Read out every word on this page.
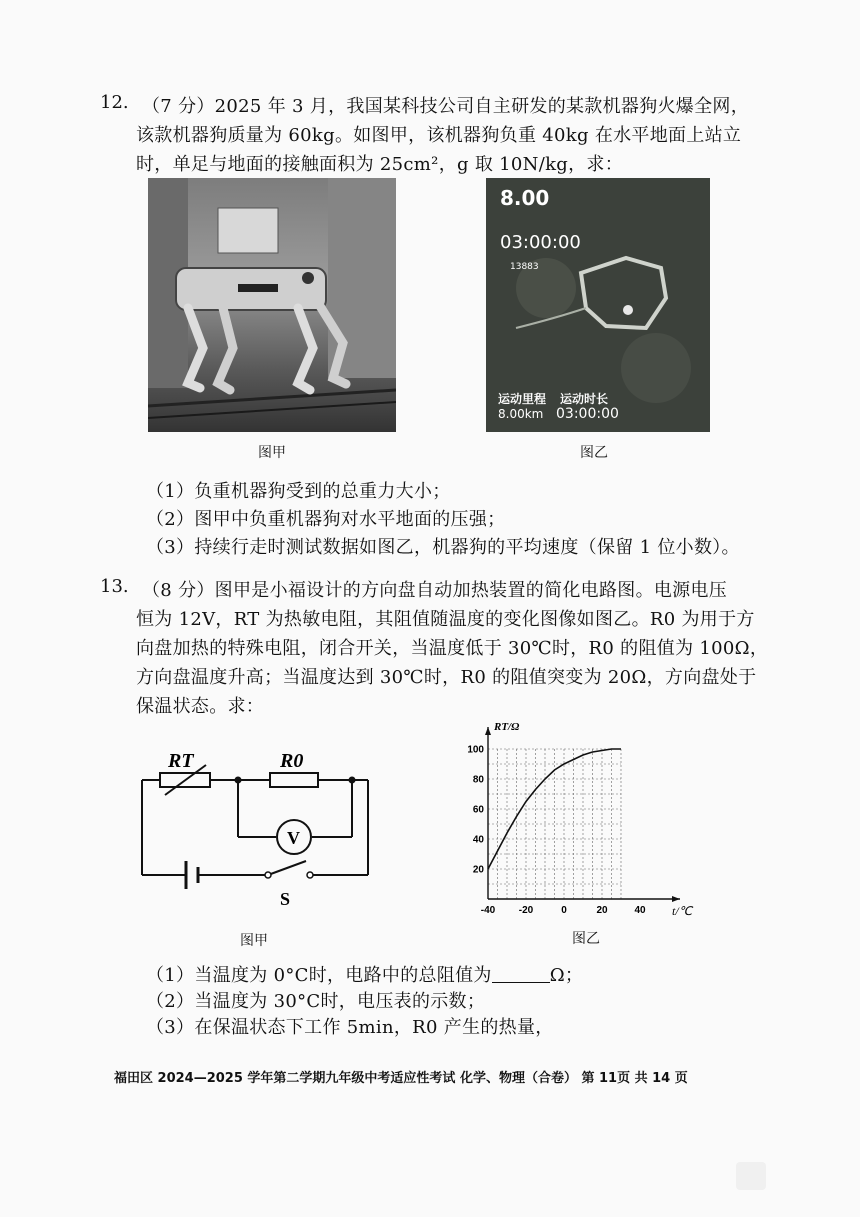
12. （7 分）2025 年 3 月，我国某科技公司自主研发的某款机器狗火爆全网，
该款机器狗质量为 60kg。如图甲，该机器狗负重 40kg 在水平地面上站立
时，单足与地面的接触面积为 25cm²，g 取 10N/kg，求：
图甲
8.00
03:00:00
13883
运动里程 运动时长
8.00km 03:00:00
图乙
（1）负重机器狗受到的总重力大小；
（2）图甲中负重机器狗对水平地面的压强；
（3）持续行走时测试数据如图乙，机器狗的平均速度（保留 1 位小数）。
13. （8 分）图甲是小福设计的方向盘自动加热装置的简化电路图。电源电压
恒为 12V，RT 为热敏电阻，其阻值随温度的变化图像如图乙。R0 为用于方
向盘加热的特殊电阻，闭合开关，当温度低于 30℃时，R0 的阻值为 100Ω，
方向盘温度升高；当温度达到 30℃时，R0 的阻值突变为 20Ω，方向盘处于
保温状态。求：
RT	R0
V
S
图甲
-40 -20	0	20	40
20
40
60
80
100
RT/Ω
t/℃
图乙
（1）当温度为 0°C时，电路中的总阻值为	Ω；
（2）当温度为 30°C时，电压表的示数；
（3）在保温状态下工作 5min，R0 产生的热量，
福田区 2024—2025 学年第二学期九年级中考适应性考试 化学、物理（合卷） 第 11页 共 14 页
